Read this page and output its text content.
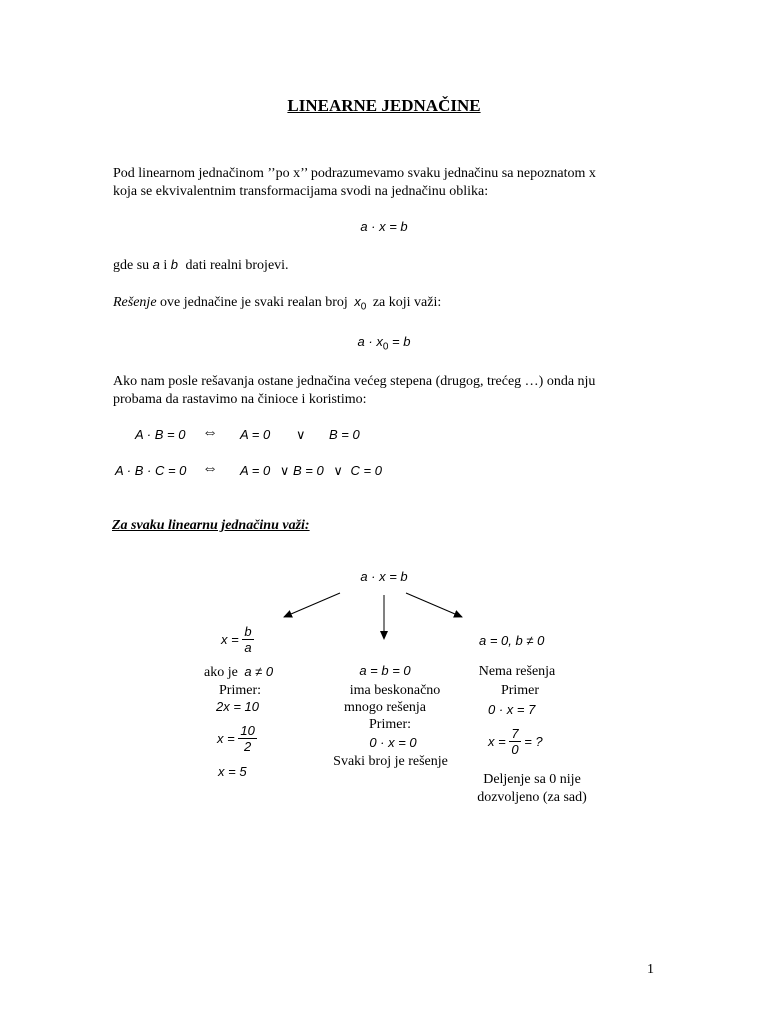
LINEARNE JEDNAČINE
Pod linearnom jednačinom ’’po x’’ podrazumevamo svaku jednačinu sa nepoznatom x
koja se ekvivalentnim transformacijama svodi na jednačinu oblika:
a · x = b
gde su a i b dati realni brojevi.
Rešenje ove jednačine je svaki realan broj $x_0$ za koji važi:
$a \cdot x_0 = b$
Ako nam posle rešavanja ostane jednačina većeg stepena (drugog, trećeg …) onda nju
probama da rastavimo na činioce i koristimo:
A · B = 0 ⇔ A = 0 ∨ B = 0
A · B · C = 0 ⇔ A = 0 ∨ B = 0 ∨ C = 0
Za svaku linearnu jednačinu važi:
a · x = b
$x = \frac{b}{a}$
ako je a ≠ 0
Primer:
2x = 10
$x = \frac{10}{2}$
x = 5
a = b = 0
ima beskonačno
mnogo rešenja
Primer:
0 · x = 0
Svaki broj je rešenje
a = 0, b ≠ 0
Nema rešenja
Primer
0 · x = 7
$x = \frac{7}{0}$ = ?
Deljenje sa 0 nije
dozvoljeno (za sad)
1
